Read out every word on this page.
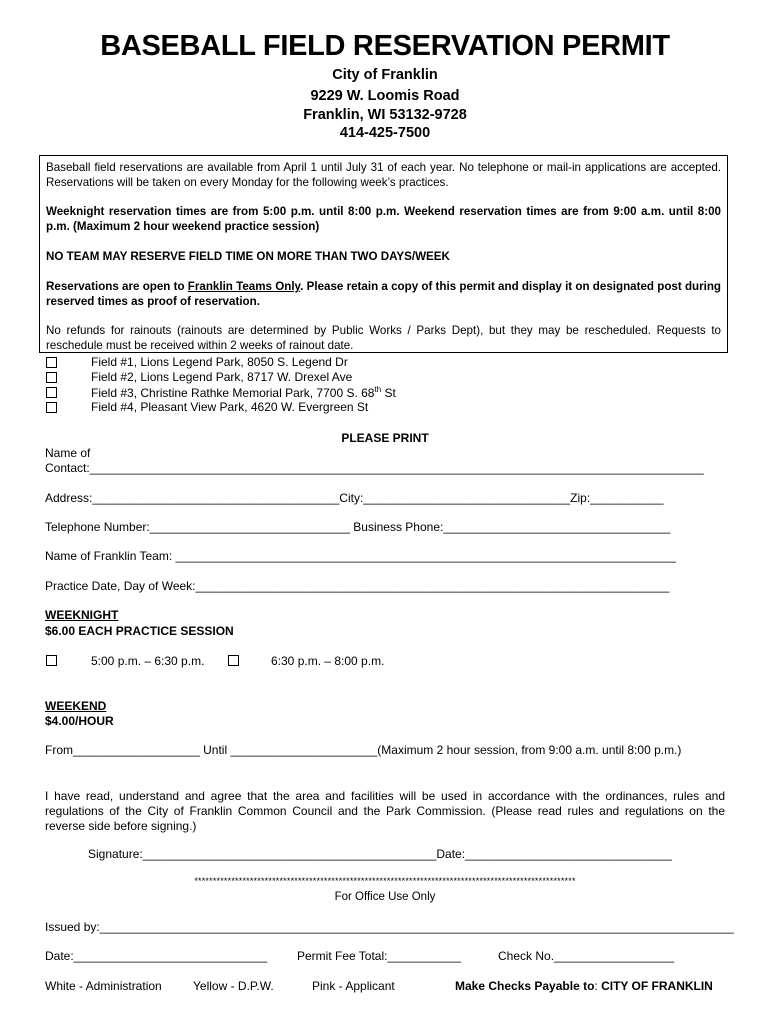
BASEBALL FIELD RESERVATION PERMIT
City of Franklin
9229 W. Loomis Road
Franklin, WI 53132-9728
414-425-7500

Baseball field reservations are available from April 1 until July 31 of each year. No telephone or mail-in applications are accepted. Reservations will be taken on every Monday for the following week’s practices.

Weeknight reservation times are from 5:00 p.m. until 8:00 p.m. Weekend reservation times are from 9:00 a.m. until 8:00 p.m. (Maximum 2 hour weekend practice session)

NO TEAM MAY RESERVE FIELD TIME ON MORE THAN TWO DAYS/WEEK

Reservations are open to Franklin Teams Only. Please retain a copy of this permit and display it on designated post during reserved times as proof of reservation.

No refunds for rainouts (rainouts are determined by Public Works / Parks Dept), but they may be rescheduled. Requests to reschedule must be received within 2 weeks of rainout date.

Field #1, Lions Legend Park, 8050 S. Legend Dr
Field #2, Lions Legend Park, 8717 W. Drexel Ave
Field #3, Christine Rathke Memorial Park, 7700 S. 68th St
Field #4, Pleasant View Park, 4620 W. Evergreen St
PLEASE PRINT
Name of
Contact:____________________________________________________________________________________________
Address:_____________________________________City:_______________________________Zip:___________
Telephone Number:______________________________ Business Phone:__________________________________
Name of Franklin Team: ___________________________________________________________________________
Practice Date, Day of Week:_______________________________________________________________________
WEEKNIGHT
$6.00 EACH PRACTICE SESSION
5:00 p.m. – 6:30 p.m.	6:30 p.m. – 8:00 p.m.
WEEKEND
$4.00/HOUR
From___________________ Until ______________________(Maximum 2 hour session, from 9:00 a.m. until 8:00 p.m.)

I have read, understand and agree that the area and facilities will be used in accordance with the ordinances, rules and regulations of the City of Franklin Common Council and the Park Commission. (Please read rules and regulations on the reverse side before signing.)

Signature:____________________________________________Date:_______________________________
*******************************************************************************************************
For Office Use Only
Issued by:_______________________________________________________________________________________________
Date:_____________________________ Permit Fee Total:___________	Check No.__________________
White - Administration	Yellow - D.P.W.	Pink - Applicant	Make Checks Payable to: CITY OF FRANKLIN
